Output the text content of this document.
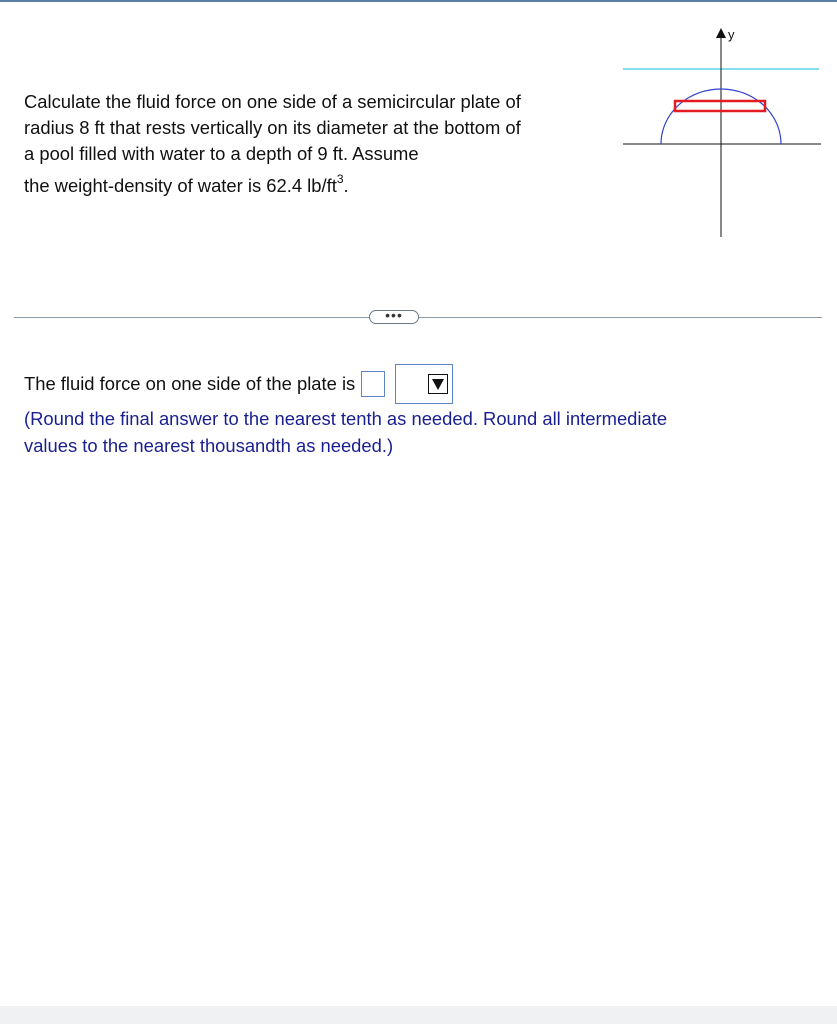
Calculate the fluid force on one side of a semicircular plate of

radius 8 ft that rests vertically on its diameter at the bottom of

a pool filled with water to a depth of 9 ft. Assume

the weight-density of water is 62.4 $lb/ft^3$.

y
•••
The fluid force on one side of the plate is
(Round the final answer to the nearest tenth as needed. Round all intermediate
values to the nearest thousandth as needed.)
